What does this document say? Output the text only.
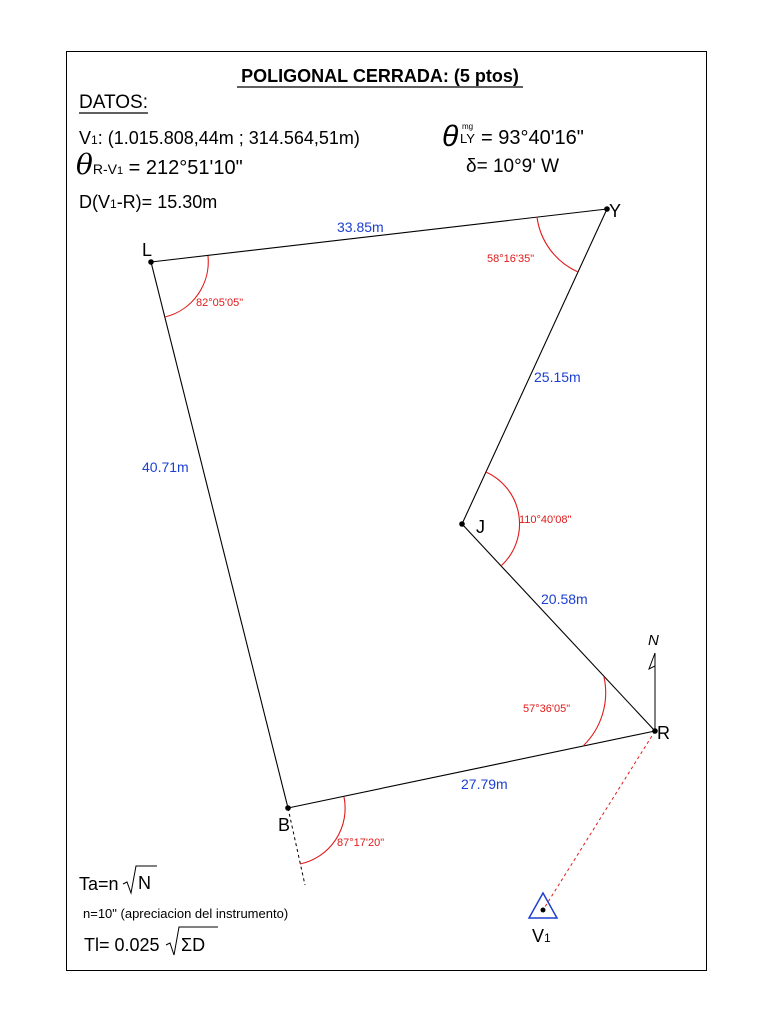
POLIGONAL CERRADA: (5 ptos)
DATOS:
V1: (1.015.808,44m ; 314.564,51m)
θR-V1 = 212°51'10"
D(V1-R)= 15.30m
θ mg
LY = 93°40'16"
δ= 10°9' W
N
L
Y
J
R
B
V1
33.85m
25.15m
20.58m
27.79m
40.71m
82°05'05"
58°16'35"
110°40'08"
57°36'05"
87°17'20"
Ta=n N
n=10" (apreciacion del instrumento)
Tl= 0.025 ΣD
